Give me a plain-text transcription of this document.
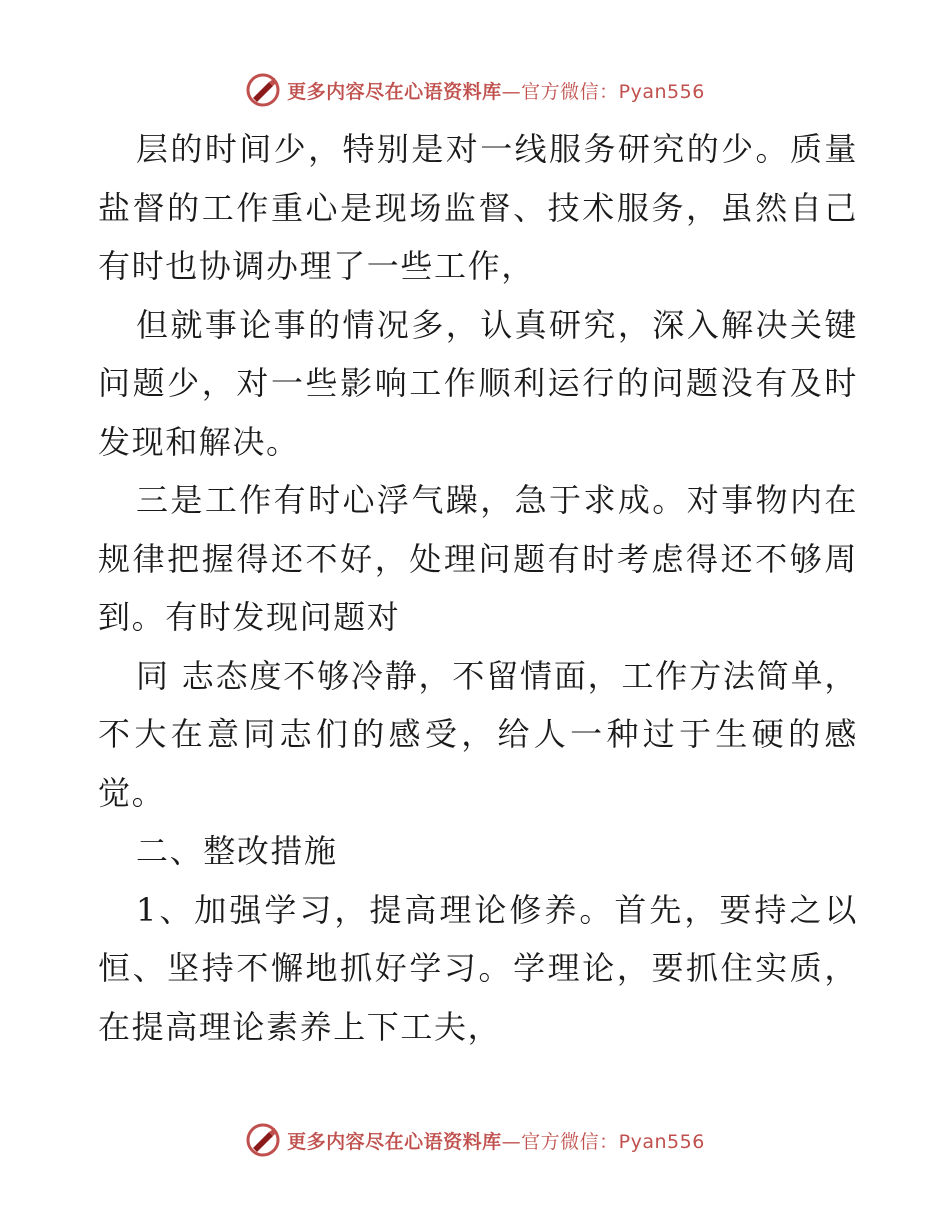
更多内容尽在心语资料库—官方微信：Pyan556

层的时间少，特别是对一线服务研究的少。质量盐督的工作重心是现场监督、技术服务，虽然自己有时也协调办理了一些工作，

但就事论事的情况多，认真研究，深入解决关键问题少，对一些影响工作顺利运行的问题没有及时发现和解决。

三是工作有时心浮气躁，急于求成。对事物内在规律把握得还不好，处理问题有时考虑得还不够周到。有时发现问题对

同 志态度不够冷静，不留情面，工作方法简单，不大在意同志们的感受，给人一种过于生硬的感觉。

二、整改措施

1、加强学习，提高理论修养。首先，要持之以恒、坚持不懈地抓好学习。学理论，要抓住实质，在提高理论素养上下工夫，

更多内容尽在心语资料库—官方微信：Pyan556
